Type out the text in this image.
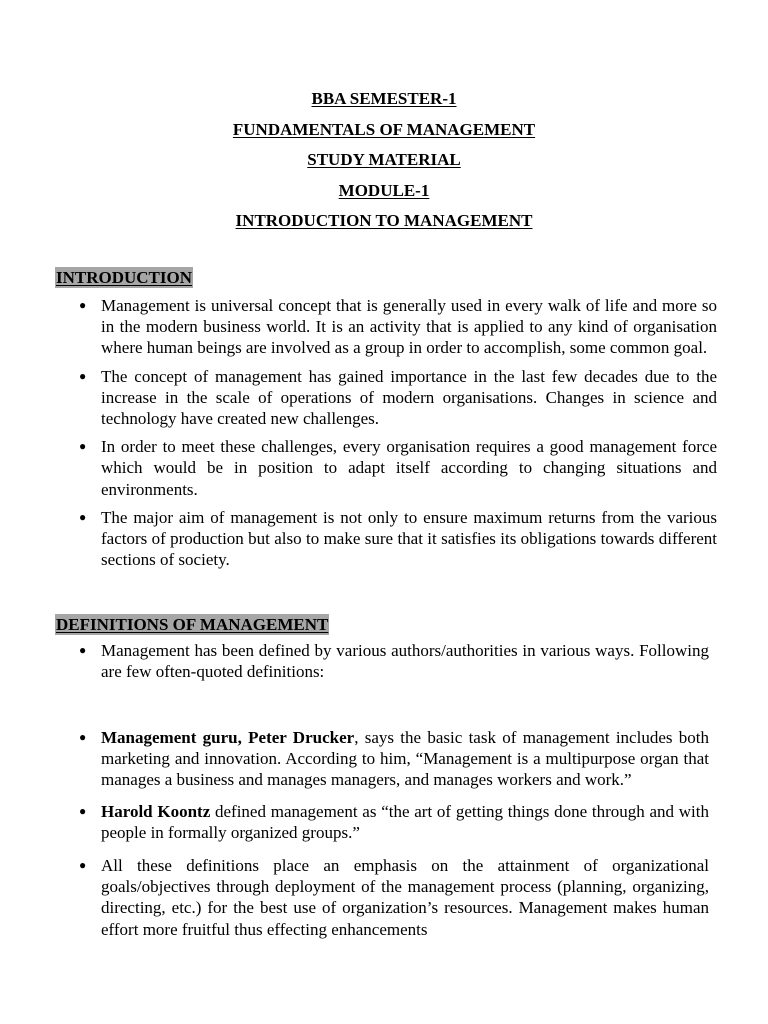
BBA SEMESTER-1
FUNDAMENTALS OF MANAGEMENT
STUDY MATERIAL
MODULE-1
INTRODUCTION TO MANAGEMENT
INTRODUCTION
● Management is universal concept that is generally used in every walk of life and more so in the modern business world. It is an activity that is applied to any kind of organisation where human beings are involved as a group in order to accomplish, some common goal.
● The concept of management has gained importance in the last few decades due to the increase in the scale of operations of modern organisations. Changes in science and technology have created new challenges.
● In order to meet these challenges, every organisation requires a good management force which would be in position to adapt itself according to changing situations and environments.
● The major aim of management is not only to ensure maximum returns from the various factors of production but also to make sure that it satisfies its obligations towards different sections of society.
DEFINITIONS OF MANAGEMENT
● Management has been defined by various authors/authorities in various ways. Following are few often-quoted definitions:
● Management guru, Peter Drucker, says the basic task of management includes both marketing and innovation. According to him, “Management is a multipurpose organ that manages a business and manages managers, and manages workers and work.”
● Harold Koontz defined management as “the art of getting things done through and with people in formally organized groups.”
● All these definitions place an emphasis on the attainment of organizational goals/objectives through deployment of the management process (planning, organizing, directing, etc.) for the best use of organization’s resources. Management makes human effort more fruitful thus effecting enhancements
